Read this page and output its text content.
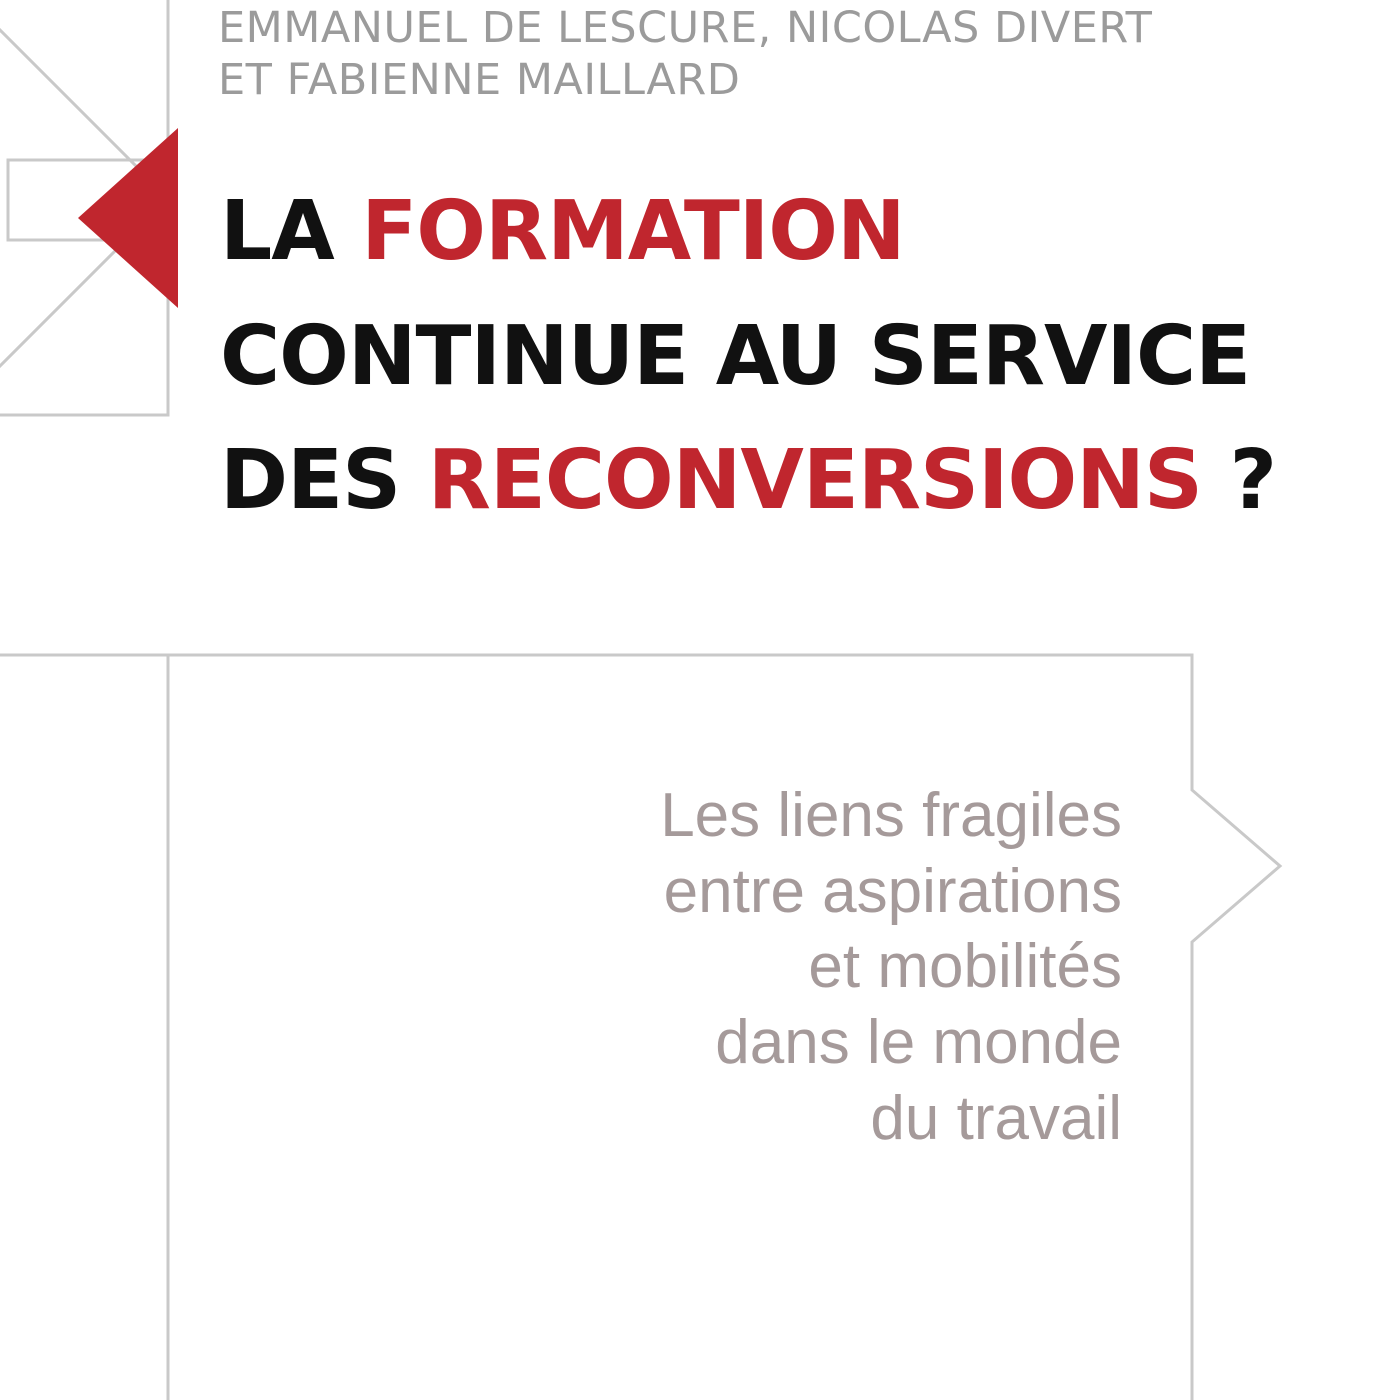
EMMANUEL DE LESCURE, NICOLAS DIVERT
ET FABIENNE MAILLARD
LA FORMATION
CONTINUE AU SERVICE
DES RECONVERSIONS ?
Les liens fragiles
entre aspirations
et mobilités
dans le monde
du travail
